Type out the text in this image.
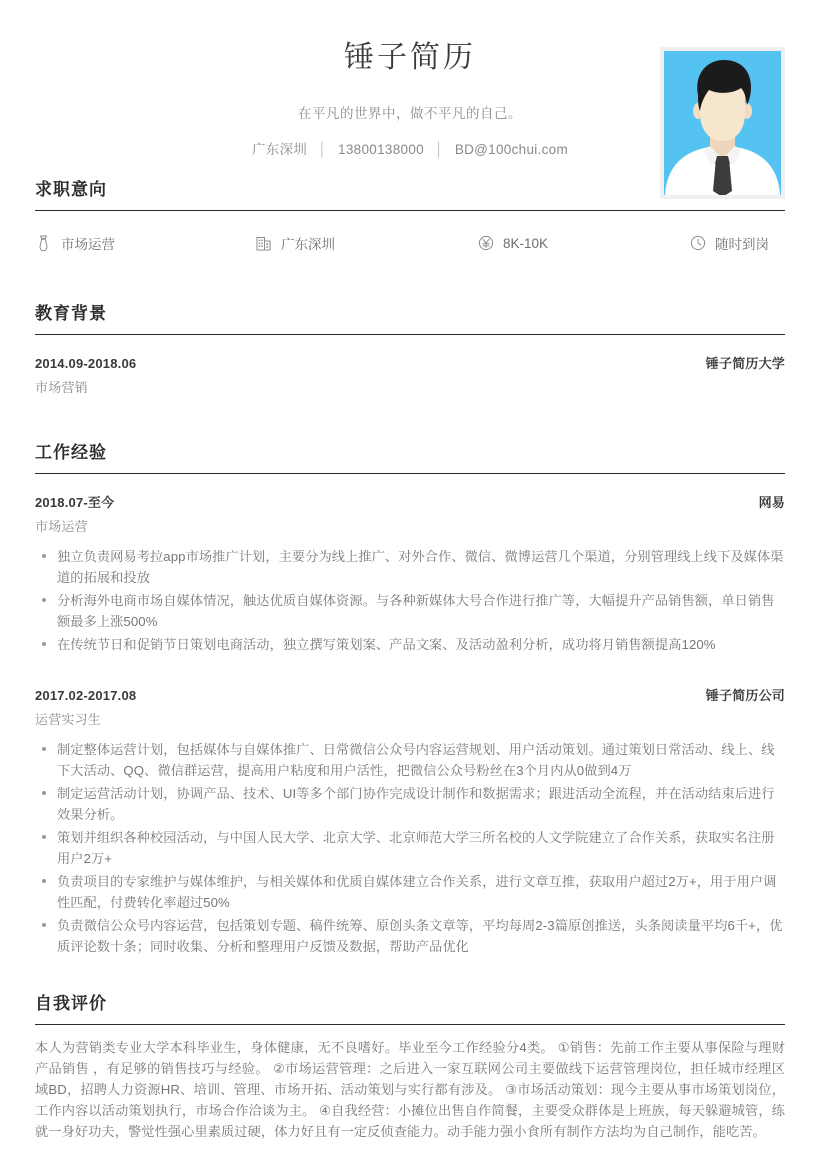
锤子简历
在平凡的世界中，做不平凡的自己。
广东深圳 │ 13800138000 │ BD@100chui.com
求职意向
市场运营	广东深圳	8K-10K	随时到岗
教育背景
2014.09-2018.06	锤子简历大学
市场营销
工作经验
2018.07-至今	网易
市场运营
独立负责网易考拉app市场推广计划，主要分为线上推广、对外合作、微信、微博运营几个渠道，分别管理线上线下及媒体渠道的拓展和投放
分析海外电商市场自媒体情况，触达优质自媒体资源。与各种新媒体大号合作进行推广等，大幅提升产品销售额，单日销售额最多上涨500%
在传统节日和促销节日策划电商活动，独立撰写策划案、产品文案、及活动盈利分析，成功将月销售额提高120%
2017.02-2017.08	锤子简历公司
运营实习生
制定整体运营计划，包括媒体与自媒体推广、日常微信公众号内容运营规划、用户活动策划。通过策划日常活动、线上、线下大活动、QQ、微信群运营，提高用户粘度和用户活性，把微信公众号粉丝在3个月内从0做到4万
制定运营活动计划，协调产品、技术、UI等多个部门协作完成设计制作和数据需求；跟进活动全流程，并在活动结束后进行效果分析。
策划并组织各种校园活动，与中国人民大学、北京大学、北京师范大学三所名校的人文学院建立了合作关系，获取实名注册用户2万+
负责项目的专家维护与媒体维护，与相关媒体和优质自媒体建立合作关系，进行文章互推，获取用户超过2万+，用于用户调性匹配，付费转化率超过50%
负责微信公众号内容运营，包括策划专题、稿件统筹、原创头条文章等，平均每周2-3篇原创推送，头条阅读量平均6千+，优质评论数十条；同时收集、分析和整理用户反馈及数据，帮助产品优化
自我评价

本人为营销类专业大学本科毕业生，身体健康，无不良嗜好。毕业至今工作经验分4类。 ①销售：先前工作主要从事保险与理财产品销售 ，有足够的销售技巧与经验。 ②市场运营管理：之后进入一家互联网公司主要做线下运营管理岗位，担任城市经理区域BD，招聘人力资源HR、培训、管理、市场开拓、活动策划与实行都有涉及。 ③市场活动策划：现今主要从事市场策划岗位，工作内容以活动策划执行，市场合作洽谈为主。 ④自我经营：小摊位出售自作简餐，主要受众群体是上班族，每天躲避城管，练就一身好功夫，警觉性强心里素质过硬，体力好且有一定反侦查能力。动手能力强小食所有制作方法均为自己制作，能吃苦。
